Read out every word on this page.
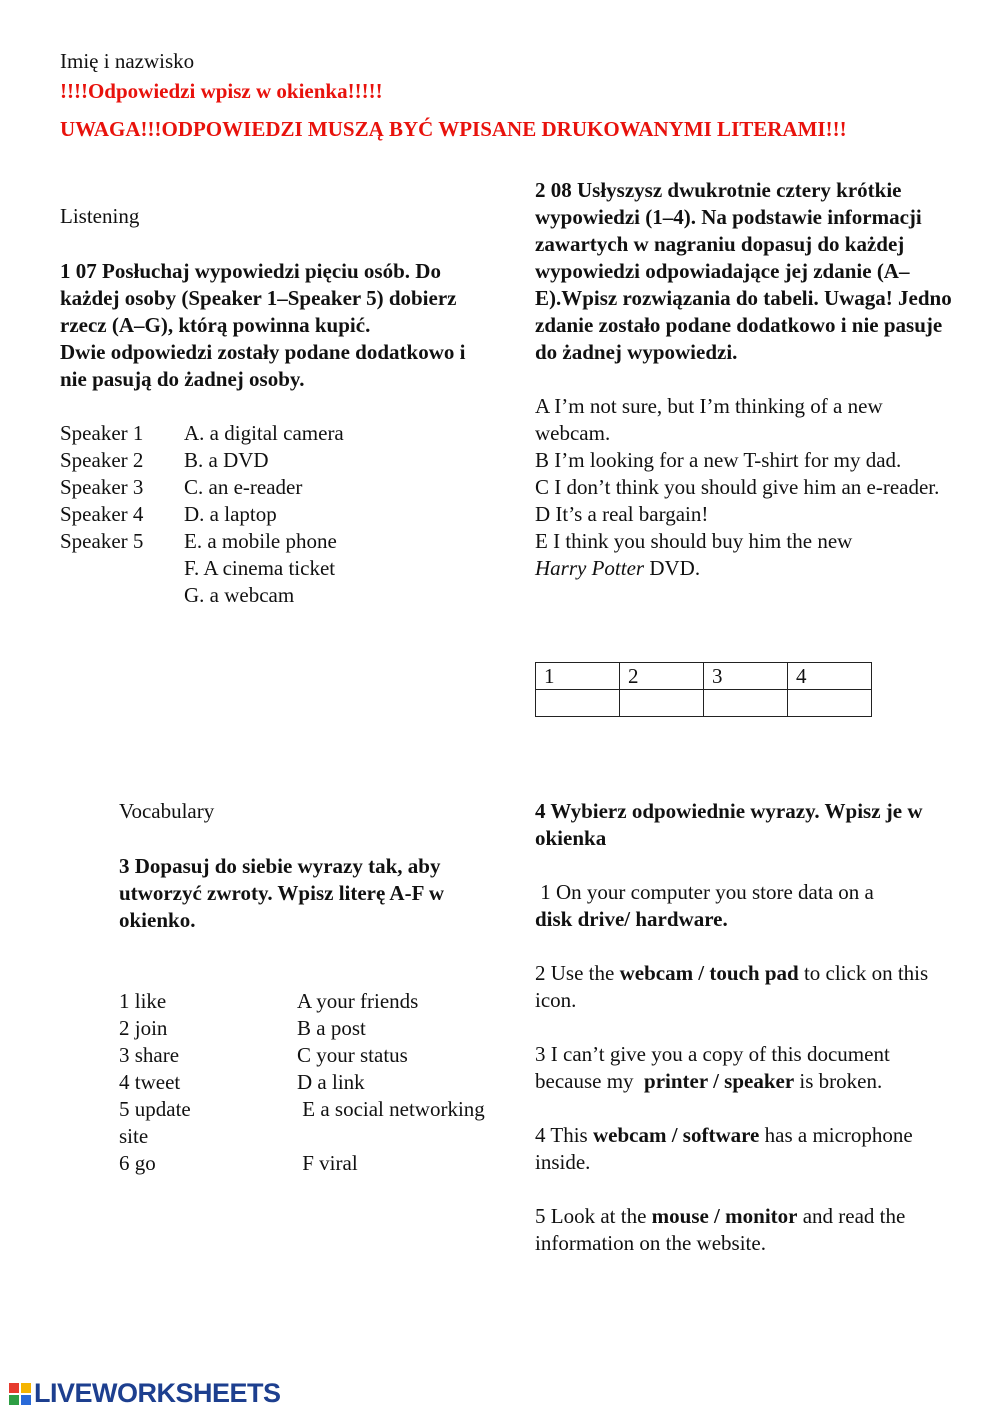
Imię i nazwisko
!!!!Odpowiedzi wpisz w okienka!!!!!
UWAGA!!!ODPOWIEDZI MUSZĄ BYĆ WPISANE DRUKOWANYMI LITERAMI!!!
Listening
1 07 Posłuchaj wypowiedzi pięciu osób. Do każdej osoby (Speaker 1–Speaker 5) dobierz rzecz (A–G), którą powinna kupić.
Dwie odpowiedzi zostały podane dodatkowo i nie pasują do żadnej osoby.
Speaker 1	A. a digital camera
Speaker 2	B. a DVD
Speaker 3	C. an e-reader
Speaker 4	D. a laptop
Speaker 5	E. a mobile phone
F. A cinema ticket
G. a webcam
2 08 Usłyszysz dwukrotnie cztery krótkie wypowiedzi (1–4). Na podstawie informacji zawartych w nagraniu dopasuj do każdej wypowiedzi odpowiadające jej zdanie (A–E).Wpisz rozwiązania do tabeli. Uwaga! Jedno zdanie zostało podane dodatkowo i nie pasuje do żadnej wypowiedzi.
A I’m not sure, but I’m thinking of a new webcam.
B I’m looking for a new T-shirt for my dad.
C I don’t think you should give him an e-reader.
D It’s a real bargain!
E I think you should buy him the new
Harry Potter DVD.
1	2	3	4

Vocabulary
3 Dopasuj do siebie wyrazy tak, aby utworzyć zwroty. Wpisz literę A-F w okienko.
1 like	A your friends
2 join	B a post
3 share	C your status
4 tweet	D a link
5 update	E a social networking
site
6 go	F viral
4 Wybierz odpowiednie wyrazy. Wpisz je w okienka
1 On your computer you store data on a
disk drive/ hardware.
2 Use the webcam / touch pad to click on this icon.
3 I can’t give you a copy of this document because my  printer / speaker is broken.
4 This webcam / software has a microphone inside.
5 Look at the mouse / monitor and read the  information on the website.
LIVEWORKSHEETS
